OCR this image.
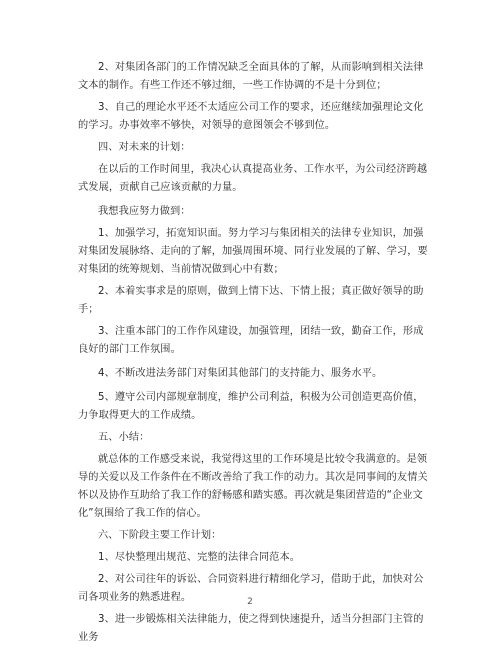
2、对集团各部门的工作情况缺乏全面具体的了解，从而影响到相关法律文本的制作。有些工作还不够过细，一些工作协调的不是十分到位；

3、自己的理论水平还不太适应公司工作的要求，还应继续加强理论文化的学习。办事效率不够快，对领导的意图领会不够到位。

四、对未来的计划：

在以后的工作时间里，我决心认真提高业务、工作水平，为公司经济跨越式发展，贡献自己应该贡献的力量。

我想我应努力做到：

1、加强学习，拓宽知识面。努力学习与集团相关的法律专业知识，加强对集团发展脉络、走向的了解，加强周围环境、同行业发展的了解、学习，要对集团的统筹规划、当前情况做到心中有数；

2、本着实事求是的原则，做到上情下达、下情上报；真正做好领导的助手；

3、注重本部门的工作作风建设，加强管理，团结一致，勤奋工作，形成良好的部门工作氛围。

4、不断改进法务部门对集团其他部门的支持能力、服务水平。

5、遵守公司内部规章制度，维护公司利益，积极为公司创造更高价值，力争取得更大的工作成绩。

五、小结：

就总体的工作感受来说，我觉得这里的工作环境是比较令我满意的。是领导的关爱以及工作条件在不断改善给了我工作的动力。其次是同事间的友情关怀以及协作互助给了我工作的舒畅感和踏实感。再次就是集团营造的“企业文化”氛围给了我工作的信心。

六、下阶段主要工作计划：

1、尽快整理出规范、完整的法律合同范本。

2、对公司往年的诉讼、合同资料进行精细化学习，借助于此，加快对公司各项业务的熟悉进程。

3、进一步锻炼相关法律能力，使之得到快速提升，适当分担部门主管的业务

2
